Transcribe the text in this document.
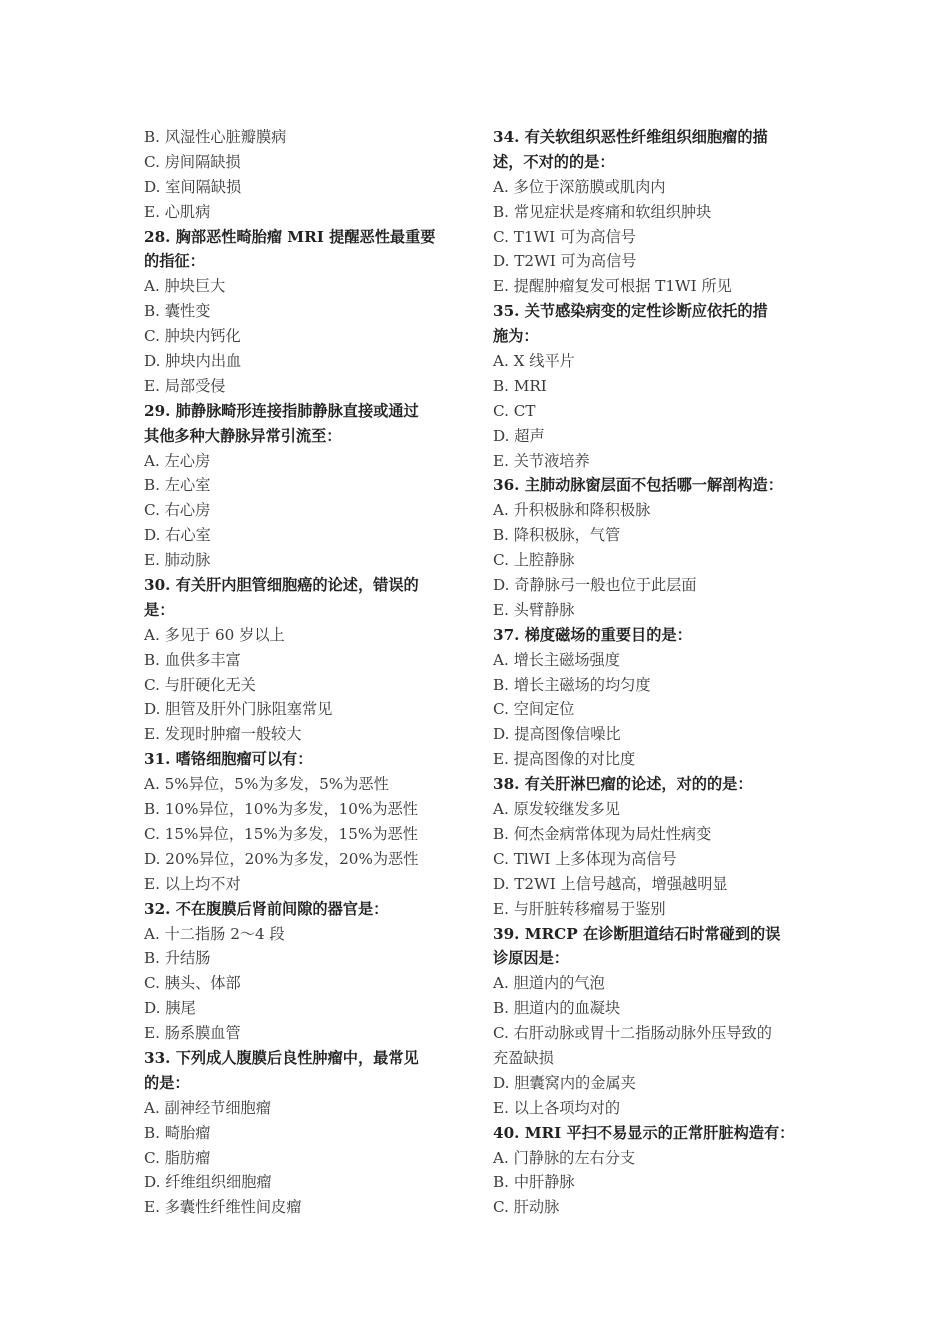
B. 风湿性心脏瓣膜病
C. 房间隔缺损
D. 室间隔缺损
E. 心肌病
28. 胸部恶性畸胎瘤 MRI 提醒恶性最重要
的指征：
A. 肿块巨大
B. 囊性变
C. 肿块内钙化
D. 肿块内出血
E. 局部受侵
29. 肺静脉畸形连接指肺静脉直接或通过
其他多种大静脉异常引流至：
A. 左心房
B. 左心室
C. 右心房
D. 右心室
E. 肺动脉
30. 有关肝内胆管细胞癌的论述，错误的
是：
A. 多见于 60 岁以上
B. 血供多丰富
C. 与肝硬化无关
D. 胆管及肝外门脉阻塞常见
E. 发现时肿瘤一般较大
31. 嗜铬细胞瘤可以有：
A. 5%异位，5%为多发，5%为恶性
B. 10%异位，10%为多发，10%为恶性
C. 15%异位，15%为多发，15%为恶性
D. 20%异位，20%为多发，20%为恶性
E. 以上均不对
32. 不在腹膜后肾前间隙的器官是：
A. 十二指肠 2～4 段
B. 升结肠
C. 胰头、体部
D. 胰尾
E. 肠系膜血管
33. 下列成人腹膜后良性肿瘤中，最常见
的是：
A. 副神经节细胞瘤
B. 畸胎瘤
C. 脂肪瘤
D. 纤维组织细胞瘤
E. 多囊性纤维性间皮瘤
34. 有关软组织恶性纤维组织细胞瘤的描
述，不对的的是：
A. 多位于深筋膜或肌肉内
B. 常见症状是疼痛和软组织肿块
C. T1WI 可为高信号
D. T2WI 可为高信号
E. 提醒肿瘤复发可根据 T1WI 所见
35. 关节感染病变的定性诊断应依托的措
施为：
A. X 线平片
B. MRI
C. CT
D. 超声
E. 关节液培养
36. 主肺动脉窗层面不包括哪一解剖构造：
A. 升积极脉和降积极脉
B. 降积极脉，气管
C. 上腔静脉
D. 奇静脉弓一般也位于此层面
E. 头臂静脉
37. 梯度磁场的重要目的是：
A. 增长主磁场强度
B. 增长主磁场的均匀度
C. 空间定位
D. 提高图像信噪比
E. 提高图像的对比度
38. 有关肝淋巴瘤的论述，对的的是：
A. 原发较继发多见
B. 何杰金病常体现为局灶性病变
C. TlWI 上多体现为高信号
D. T2WI 上信号越高，增强越明显
E. 与肝脏转移瘤易于鉴别
39. MRCP 在诊断胆道结石时常碰到的误
诊原因是：
A. 胆道内的气泡
B. 胆道内的血凝块
C. 右肝动脉或胃十二指肠动脉外压导致的
充盈缺损
D. 胆囊窝内的金属夹
E. 以上各项均对的
40. MRI 平扫不易显示的正常肝脏构造有：
A. 门静脉的左右分支
B. 中肝静脉
C. 肝动脉
